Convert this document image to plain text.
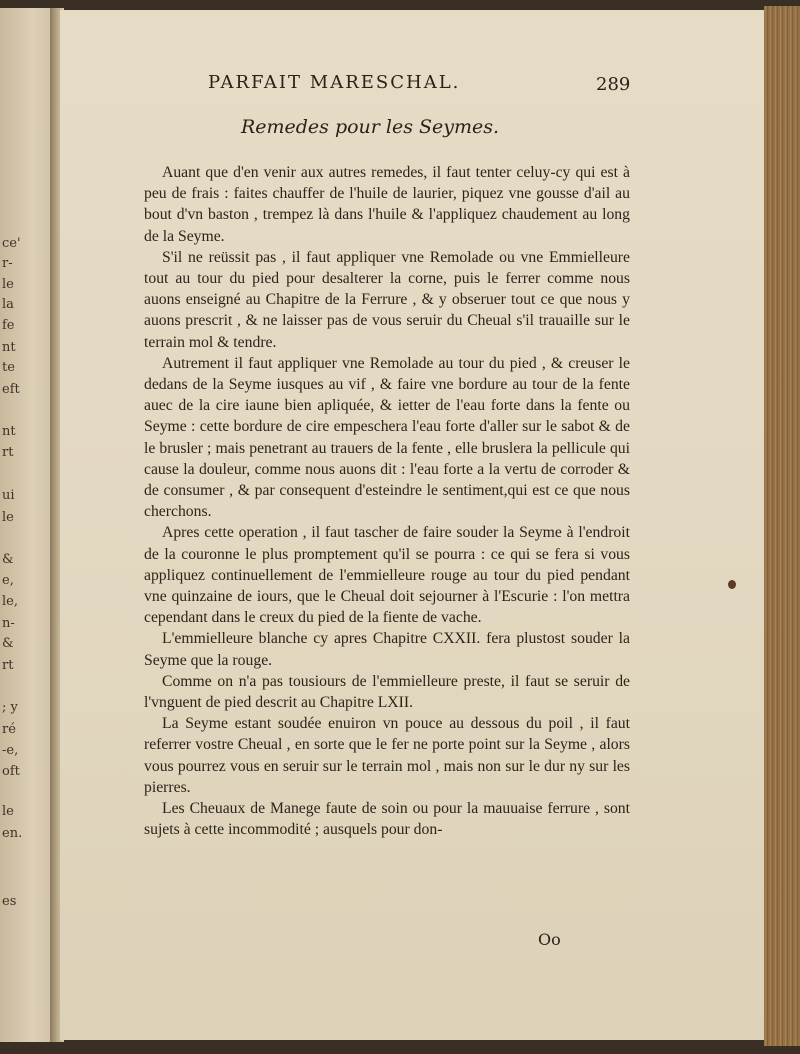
ce'
r-
le
la
fe
nt
te
eft
nt
rt
ui
le
&
e,
le,
n-
&
rt
; y
ré
-e,
oft
le
en.
es
PARFAIT MARESCHAL.	289
Remedes pour les Seymes.

Auant que d'en venir aux autres remedes, il faut tenter celuy-cy qui est à peu de frais : faites chauffer de l'huile de laurier, piquez vne gousse d'ail au bout d'vn baston , trempez là dans l'huile & l'appliquez chaudement au long de la Seyme.

S'il ne reüssit pas , il faut appliquer vne Remolade ou vne Emmielleure tout au tour du pied pour desalterer la corne, puis le ferrer comme nous auons enseigné au Chapitre de la Ferrure , & y obseruer tout ce que nous y auons prescrit , & ne laisser pas de vous seruir du Cheual s'il trauaille sur le terrain mol & tendre.

Autrement il faut appliquer vne Remolade au tour du pied , & creuser le dedans de la Seyme iusques au vif , & faire vne bordure au tour de la fente auec de la cire iaune bien apliquée, & ietter de l'eau forte dans la fente ou Seyme : cette bordure de cire empeschera l'eau forte d'aller sur le sabot & de le brusler ; mais penetrant au trauers de la fente , elle bruslera la pellicule qui cause la douleur, comme nous auons dit : l'eau forte a la vertu de corroder & de consumer , & par consequent d'esteindre le sentiment,qui est ce que nous cherchons.

Apres cette operation , il faut tascher de faire souder la Seyme à l'endroit de la couronne le plus promptement qu'il se pourra : ce qui se fera si vous appliquez continuellement de l'emmielleure rouge au tour du pied pendant vne quinzaine de iours, que le Cheual doit sejourner à l'Escurie : l'on mettra cependant dans le creux du pied de la fiente de vache.

L'emmielleure blanche cy apres Chapitre CXXII. fera plustost souder la Seyme que la rouge.

Comme on n'a pas tousiours de l'emmielleure preste, il faut se seruir de l'vnguent de pied descrit au Chapitre LXII.

La Seyme estant soudée enuiron vn pouce au dessous du poil , il faut referrer vostre Cheual , en sorte que le fer ne porte point sur la Seyme , alors vous pourrez vous en seruir sur le terrain mol , mais non sur le dur ny sur les pierres.

Les Cheuaux de Manege faute de soin ou pour la mauuaise ferrure , sont sujets à cette incommodité ; ausquels pour don-

Oo
